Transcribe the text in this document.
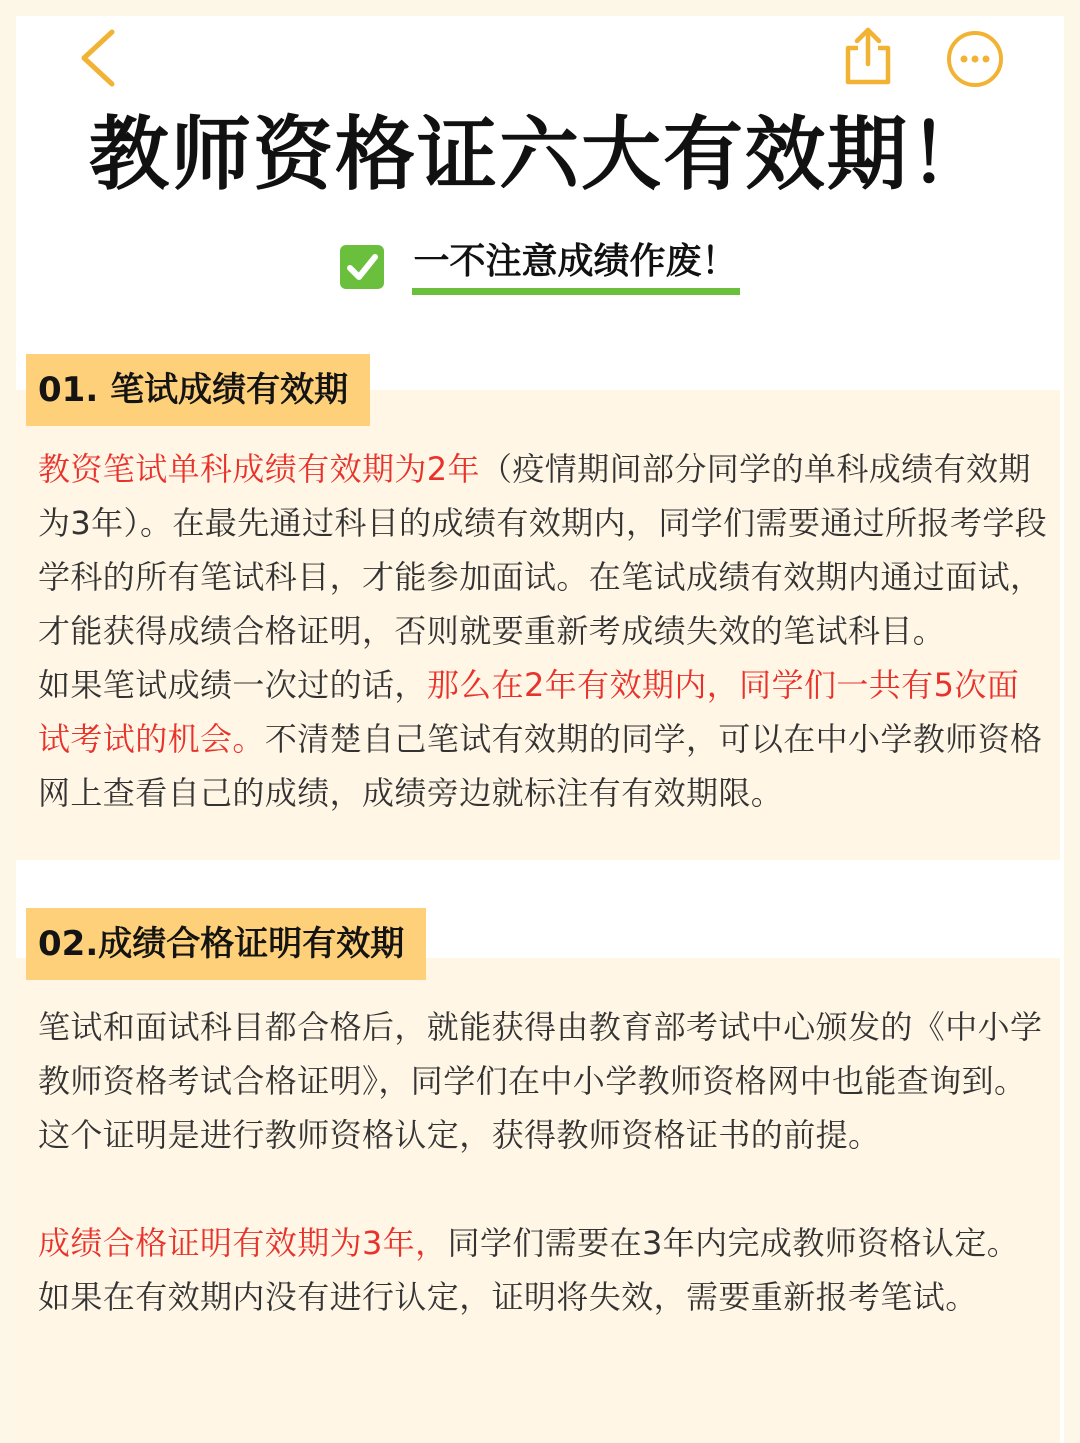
教师资格证六大有效期！
一不注意成绩作废！
01. 笔试成绩有效期

教资笔试单科成绩有效期为2年（疫情期间部分同学的单科成绩有效期为3年）。在最先通过科目的成绩有效期内，同学们需要通过所报考学段学科的所有笔试科目，才能参加面试。在笔试成绩有效期内通过面试，才能获得成绩合格证明，否则就要重新考成绩失效的笔试科目。

如果笔试成绩一次过的话，那么在2年有效期内，同学们一共有5次面试考试的机会。不清楚自己笔试有效期的同学，可以在中小学教师资格网上查看自己的成绩，成绩旁边就标注有有效期限。

02.成绩合格证明有效期

笔试和面试科目都合格后，就能获得由教育部考试中心颁发的《中小学教师资格考试合格证明》，同学们在中小学教师资格网中也能查询到。这个证明是进行教师资格认定，获得教师资格证书的前提。

成绩合格证明有效期为3年，同学们需要在3年内完成教师资格认定。如果在有效期内没有进行认定，证明将失效，需要重新报考笔试。
